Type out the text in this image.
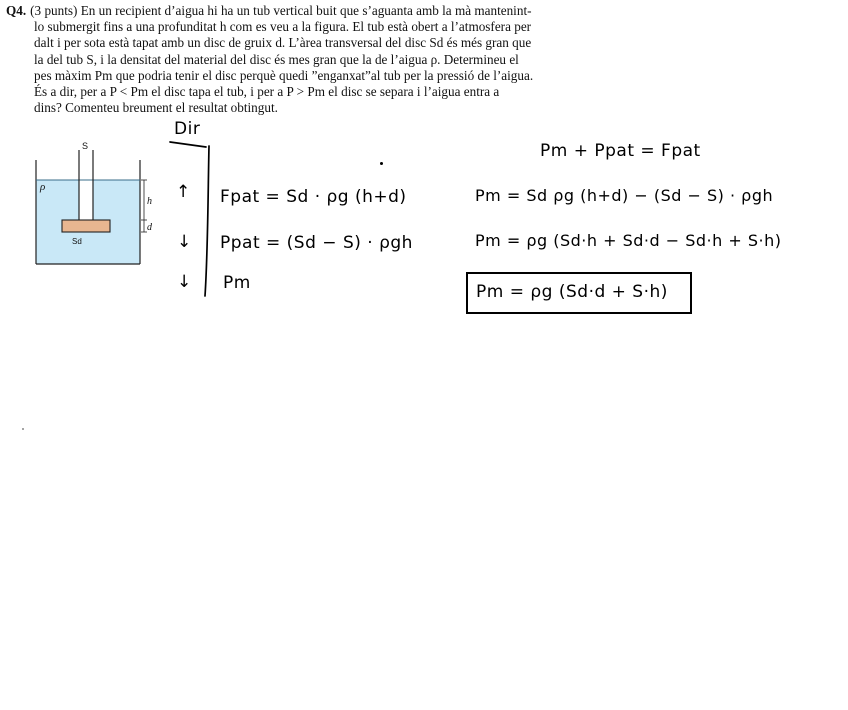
Q4. (3 punts) En un recipient d’aigua hi ha un tub vertical buit que s’aguanta amb la mà mantenint-
lo submergit fins a una profunditat h com es veu a la figura. El tub està obert a l’atmosfera per
dalt i per sota està tapat amb un disc de gruix d. L’àrea transversal del disc Sd és més gran que
la del tub S, i la densitat del material del disc és mes gran que la de l’aigua ρ. Determineu el
pes màxim Pm que podria tenir el disc perquè quedi ”enganxat”al tub per la pressió de l’aigua.
És a dir, per a P < Pm el disc tapa el tub, i per a P > Pm el disc se separa i l’aigua entra a
dins? Comenteu breument el resultat obtingut.
S
ρ
h
d
Sd
Dir
↑
↓
↓
Fpat = Sd · ρg (h+d)
Ppat = (Sd − S) · ρgh
Pm
Pm + Ppat = Fpat
Pm = Sd ρg (h+d) − (Sd − S) · ρgh
Pm = ρg (Sd·h + Sd·d − Sd·h + S·h)
Pm = ρg (Sd·d + S·h)
